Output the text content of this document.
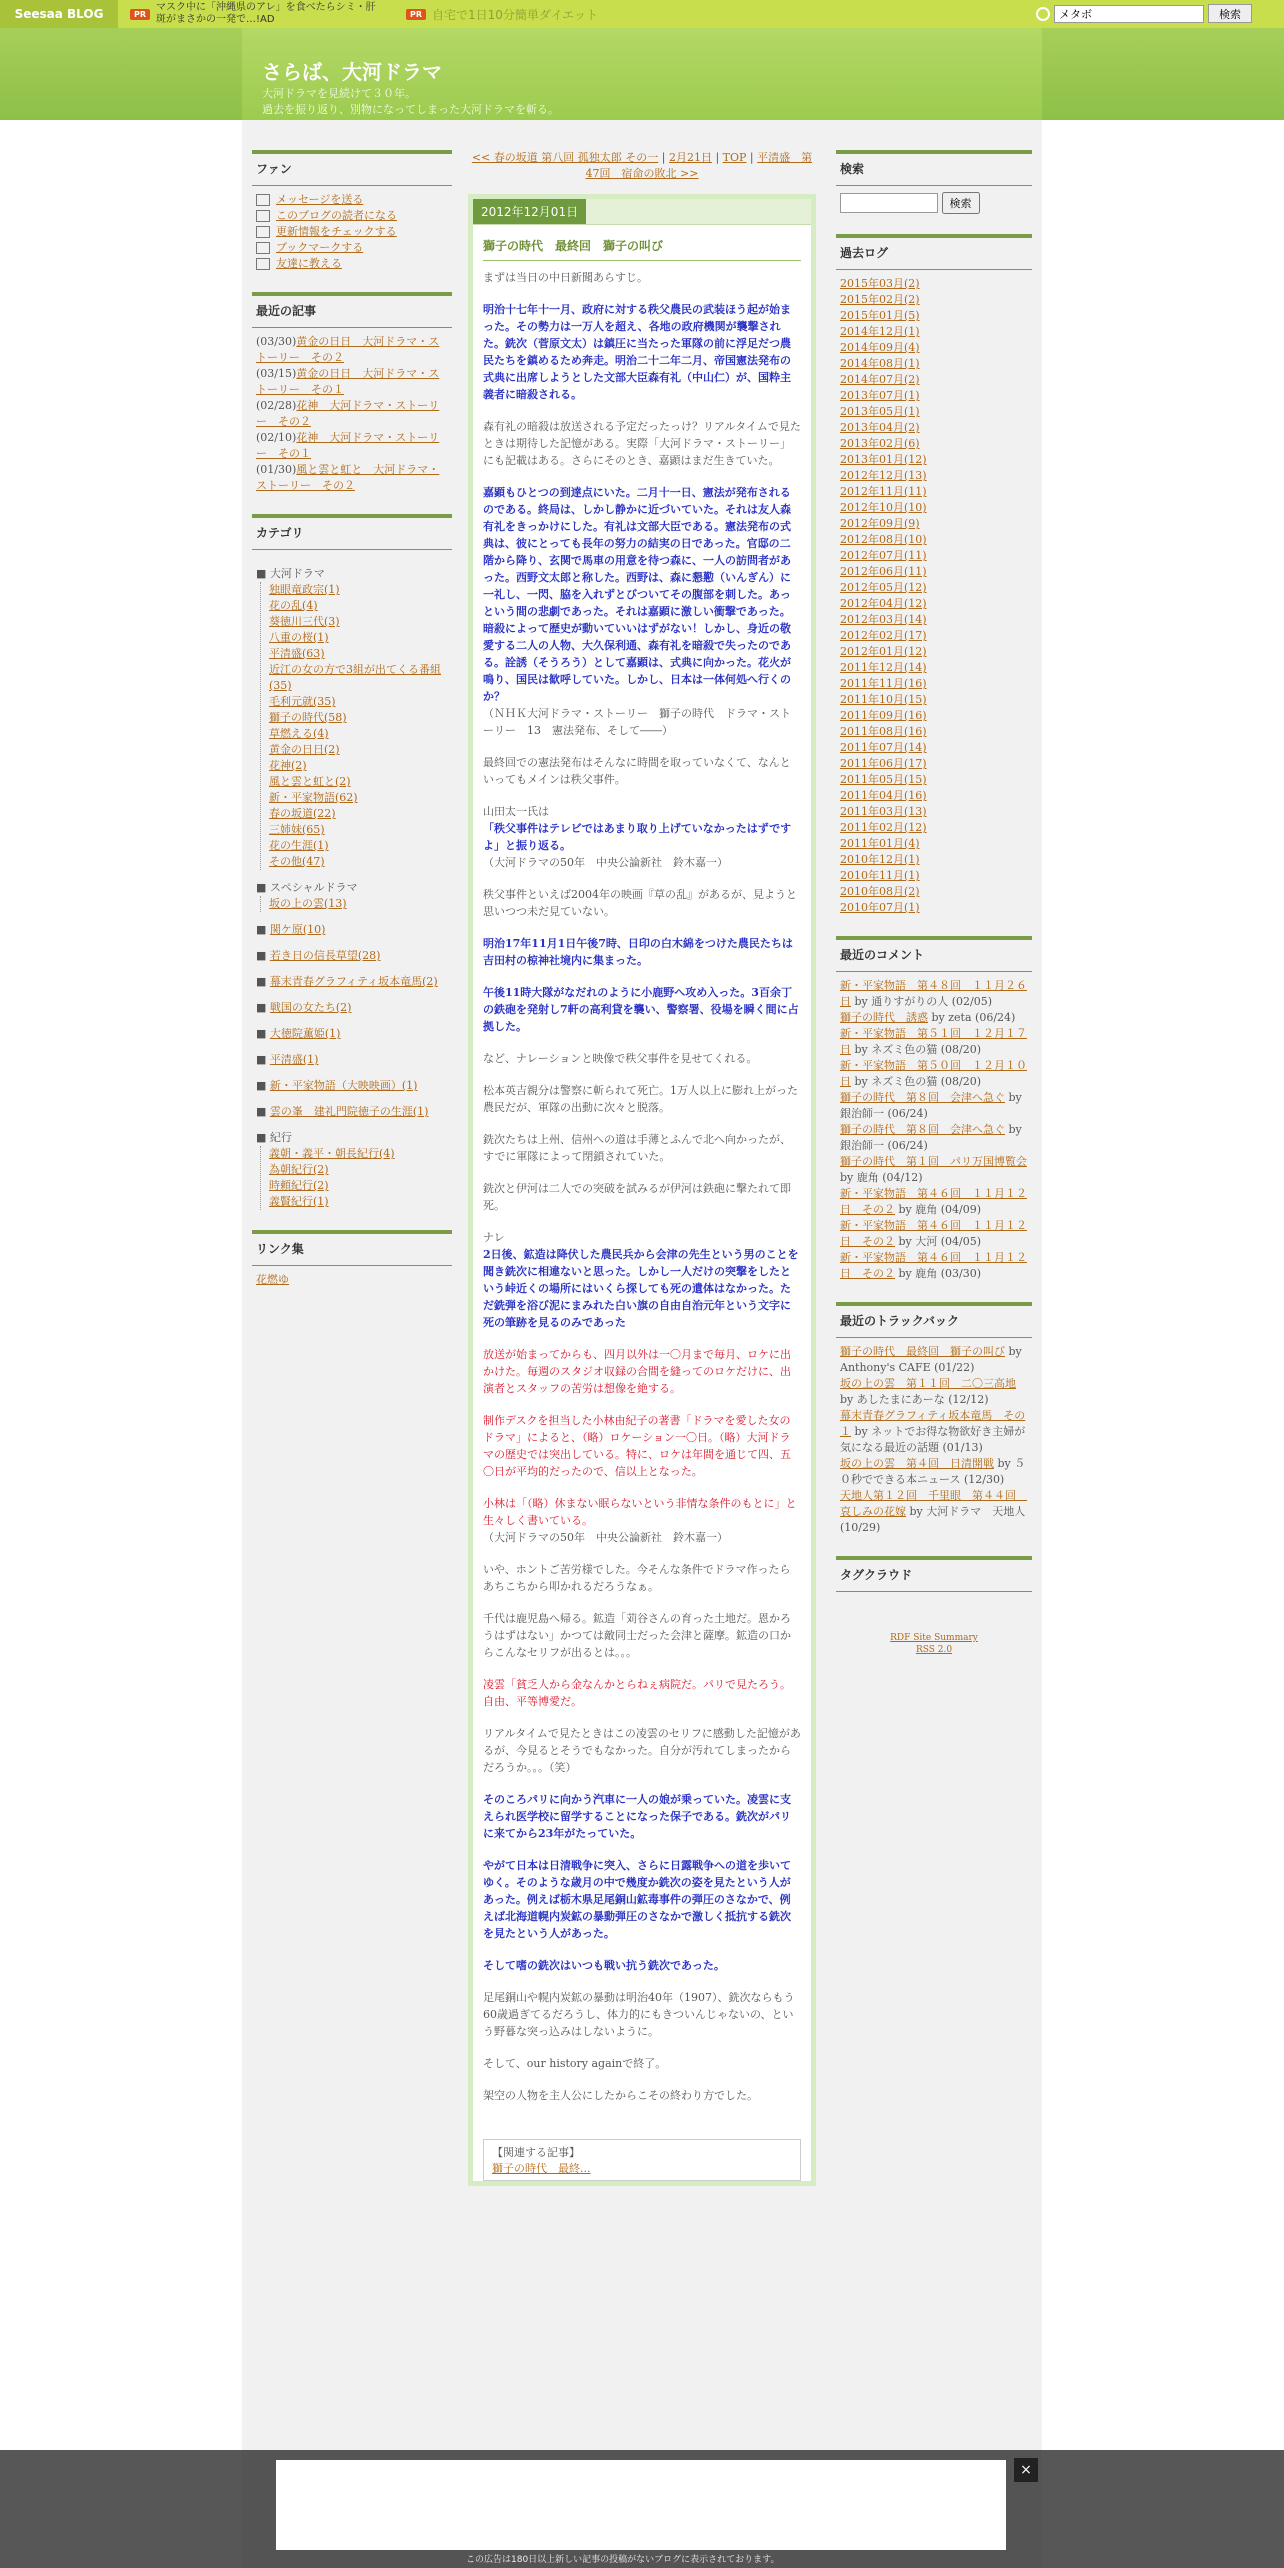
Seesaa BLOG	PR
マスク中に「沖縄県のアレ」を食べたらシミ・肝斑がまさかの一発で…!AD	PR 自宅で1日10分簡単ダイエット
メタボ	検索
さらば、大河ドラマ
大河ドラマを見続けて３０年。
過去を振り返り、別物になってしまった大河ドラマを斬る。
ファン
メッセージを送る
このブログの読者になる
更新情報をチェックする
ブックマークする
友達に教える
最近の記事
(03/30)黄金の日日　大河ドラマ・ストーリー　その２
(03/15)黄金の日日　大河ドラマ・ストーリー　その１
(02/28)花神　大河ドラマ・ストーリー　その２
(02/10)花神　大河ドラマ・ストーリー　その１
(01/30)風と雲と虹と　大河ドラマ・ストーリー　その２
カテゴリ
■ 大河ドラマ
独眼竜政宗(1)
花の乱(4)
葵徳川三代(3)
八重の桜(1)
平清盛(63)
近江の女の方で3組が出てくる番組(35)
毛利元就(35)
獅子の時代(58)
草燃える(4)
黄金の日日(2)
花神(2)
風と雲と虹と(2)
新・平家物語(62)
春の坂道(22)
三姉妹(65)
花の生涯(1)
その他(47)
■ スペシャルドラマ
坂の上の雲(13)
■ 関ケ原(10)
■ 若き日の信長草望(28)
■ 幕末青春グラフィティ坂本竜馬(2)
■ 戦国の女たち(2)
■ 大徳院薫姫(1)
■ 平清盛(1)
■ 新・平家物語（大映映画）(1)
■ 雲の峯　建礼門院徳子の生涯(1)
■ 紀行
義朝・義平・朝長紀行(4)
為朝紀行(2)
時頼紀行(2)
義賢紀行(1)
リンク集
花燃ゆ
<< 春の坂道 第八回 孤独太郎 その一 | 2月21日 | TOP | 平清盛　第47回　宿命の敗北 >>
2012年12月01日
獅子の時代　最終回　獅子の叫び

まずは当日の中日新聞あらすじ。

明治十七年十一月、政府に対する秩父農民の武装ほう起が始まった。その勢力は一万人を超え、各地の政府機関が襲撃された。銑次（菅原文太）は鎮圧に当たった軍隊の前に浮足だつ農民たちを鎮めるため奔走。明治二十二年二月、帝国憲法発布の式典に出席しようとした文部大臣森有礼（中山仁）が、国粋主義者に暗殺される。

森有礼の暗殺は放送される予定だったっけ？リアルタイムで見たときは期待した記憶がある。実際「大河ドラマ・ストーリー」にも記載はある。さらにそのとき、嘉顕はまだ生きていた。

嘉顕もひとつの到達点にいた。二月十一日、憲法が発布されるのである。終局は、しかし静かに近づいていた。それは友人森有礼をきっかけにした。有礼は文部大臣である。憲法発布の式典は、彼にとっても長年の努力の結実の日であった。官邸の二階から降り、玄関で馬車の用意を待つ森に、一人の訪問者があった。西野文太郎と称した。西野は、森に懇懃（いんぎん）に一礼し、一閃、脇を入れずとびついてその腹部を刺した。あっという間の悲劇であった。それは嘉顕に激しい衝撃であった。暗殺によって歴史が動いていいはずがない！しかし、身近の敬愛する二人の人物、大久保利通、森有礼を暗殺で失ったのである。詮誘（そうろう）として嘉顕は、式典に向かった。花火が鳴り、国民は歓呼していた。しかし、日本は一体何処へ行くのか？
（ＮＨＫ大河ドラマ・ストーリー　獅子の時代　ドラマ・ストーリー　13　憲法発布、そして――）

最終回での憲法発布はそんなに時間を取っていなくて、なんといってもメインは秩父事件。

山田太一氏は
「秩父事件はテレビではあまり取り上げていなかったはずですよ」と振り返る。
（大河ドラマの50年　中央公論新社　鈴木嘉一）

秩父事件といえば2004年の映画『草の乱』があるが、見ようと思いつつ未だ見ていない。

明治17年11月1日午後7時、日印の白木綿をつけた農民たちは吉田村の椋神社境内に集まった。

午後11時大隊がなだれのように小鹿野へ攻め入った。3百余丁の鉄砲を発射し7軒の高利貸を襲い、警察署、役場を瞬く間に占拠した。

など、ナレーションと映像で秩父事件を見せてくれる。

松本英吉親分は警察に斬られて死亡。1万人以上に膨れ上がった農民だが、軍隊の出動に次々と脱落。

銑次たちは上州、信州への道は手薄とふんで北へ向かったが、すでに軍隊によって閉鎖されていた。

銑次と伊河は二人での突破を試みるが伊河は鉄砲に撃たれて即死。

ナレ
2日後、鉱造は降伏した農民兵から会津の先生という男のことを聞き銑次に相違ないと思った。しかし一人だけの突撃をしたという峠近くの場所にはいくら探しても死の遺体はなかった。ただ銑弾を浴び泥にまみれた白い旗の自由自治元年という文字に死の筆跡を見るのみであった

放送が始まってからも、四月以外は一〇月まで毎月、ロケに出かけた。毎週のスタジオ収録の合間を縫ってのロケだけに、出演者とスタッフの苦労は想像を絶する。

制作デスクを担当した小林由紀子の著書「ドラマを愛した女のドラマ」によると、（略）ロケーション一〇日。（略）大河ドラマの歴史では突出している。特に、ロケは年間を通じて四、五〇日が平均的だったので、信以上となった。

小林は「（略）休まない眠らないという非情な条件のもとに」と生々しく書いている。
（大河ドラマの50年　中央公論新社　鈴木嘉一）

いや、ホントご苦労様でした。今そんな条件でドラマ作ったらあちこちから叩かれるだろうなぁ。

千代は鹿児島へ帰る。鉱造「苅谷さんの育った土地だ。恩かろうはずはない」かつては敵同士だった会津と薩摩。鉱造の口からこんなセリフが出るとは。。。

凌雲「貧乏人から金なんかとらねぇ病院だ。パリで見たろう。自由、平等博愛だ。

リアルタイムで見たときはこの凌雲のセリフに感動した記憶があるが、今見るとそうでもなかった。自分が汚れてしまったからだろうか。。。（笑）

そのころパリに向かう汽車に一人の娘が乗っていた。凌雲に支えられ医学校に留学することになった保子である。銑次がパリに来てから23年がたっていた。

やがて日本は日清戦争に突入、さらに日露戦争への道を歩いてゆく。そのような歳月の中で幾度か銑次の姿を見たという人があった。例えば栃木県足尾銅山鉱毒事件の弾圧のさなかで、例えば北海道幌内炭鉱の暴動弾圧のさなかで激しく抵抗する銑次を見たという人があった。

そして嗜の銑次はいつも戦い抗う銑次であった。

足尾銅山や幌内炭鉱の暴動は明治40年（1907）、銑次ならもう60歳過ぎてるだろうし、体力的にもきついんじゃないの、という野暮な突っ込みはしないように。

そして、our history againで終了。

架空の人物を主人公にしたからこその終わり方でした。

【関連する記事】
獅子の時代　最終...
検索
検索
過去ログ
2015年03月(2)
2015年02月(2)
2015年01月(5)
2014年12月(1)
2014年09月(4)
2014年08月(1)
2014年07月(2)
2013年07月(1)
2013年05月(1)
2013年04月(2)
2013年02月(6)
2013年01月(12)
2012年12月(13)
2012年11月(11)
2012年10月(10)
2012年09月(9)
2012年08月(10)
2012年07月(11)
2012年06月(11)
2012年05月(12)
2012年04月(12)
2012年03月(14)
2012年02月(17)
2012年01月(12)
2011年12月(14)
2011年11月(16)
2011年10月(15)
2011年09月(16)
2011年08月(16)
2011年07月(14)
2011年06月(17)
2011年05月(15)
2011年04月(16)
2011年03月(13)
2011年02月(12)
2011年01月(4)
2010年12月(1)
2010年11月(1)
2010年08月(2)
2010年07月(1)
最近のコメント
新・平家物語　第４８回　１１月２６日 by 通りすがりの人 (02/05)
獅子の時代　誘惑 by zeta (06/24)
新・平家物語　第５１回　１２月１７日 by ネズミ色の猫 (08/20)
新・平家物語　第５０回　１２月１０日 by ネズミ色の猫 (08/20)
獅子の時代　第８回　会津へ急ぐ by 銀治師一 (06/24)
獅子の時代　第８回　会津へ急ぐ by 銀治師一 (06/24)
獅子の時代　第１回　パリ万国博覧会 by 鹿角 (04/12)
新・平家物語　第４６回　１１月１２日　その２ by 鹿角 (04/09)
新・平家物語　第４６回　１１月１２日　その２ by 大河 (04/05)
新・平家物語　第４６回　１１月１２日　その２ by 鹿角 (03/30)
最近のトラックバック
獅子の時代　最終回　獅子の叫び by Anthony's CAFE (01/22)
坂の上の雲　第１１回　二〇三高地 by あしたまにあーな (12/12)
幕末青春グラフィティ坂本竜馬　その１ by ネットでお得な物欲好き主婦が気になる最近の話題 (01/13)
坂の上の雲　第４回　日清開戦 by ５０秒でできる本ニュース (12/30)
天地人第１２回　千里眼　第４４回　哀しみの花嫁 by 大河ドラマ　天地人 (10/29)
タグクラウド
RDF Site Summary
RSS 2.0
×
この広告は180日以上新しい記事の投稿がないブログに表示されております。
